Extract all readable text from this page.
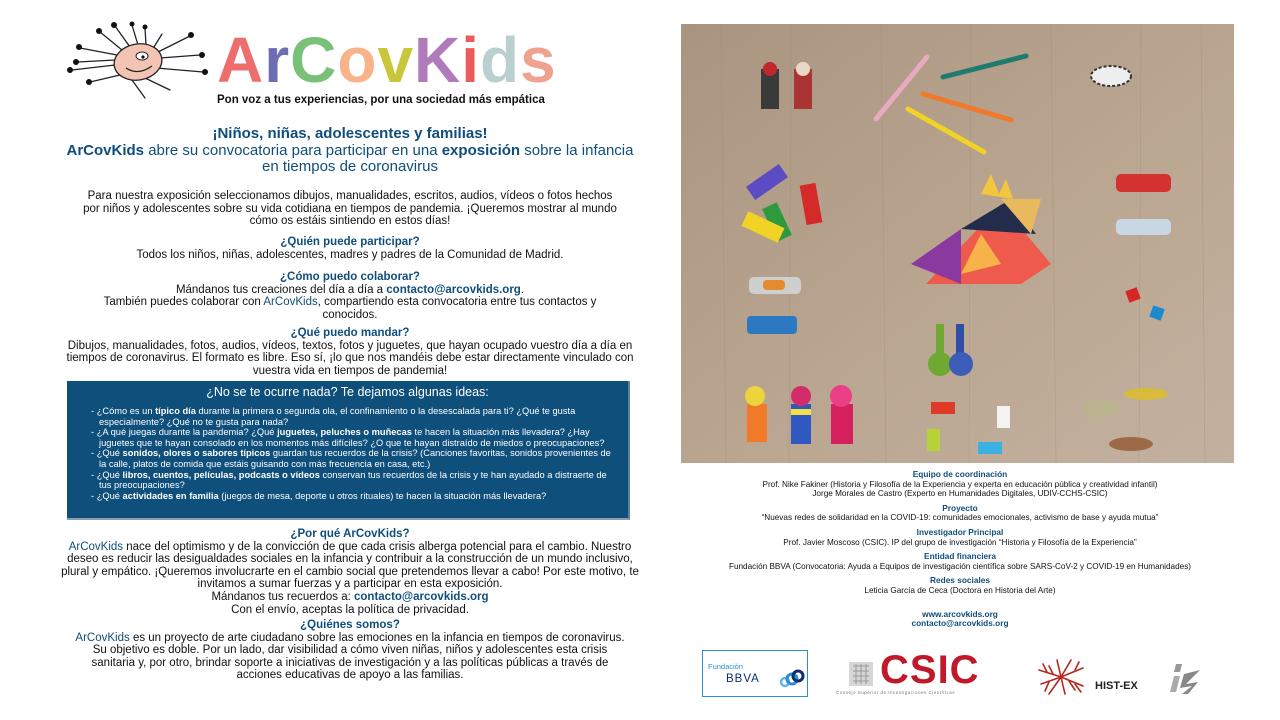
ArCovKids
Pon voz a tus experiencias, por una sociedad más empática
¡Niños, niñas, adolescentes y familias!
ArCovKids abre su convocatoria para participar en una exposición sobre la infancia en tiempos de coronavirus

Para nuestra exposición seleccionamos dibujos, manualidades, escritos, audios, vídeos o fotos hechos por niños y adolescentes sobre su vida cotidiana en tiempos de pandemia. ¡Queremos mostrar al mundo cómo os estáis sintiendo en estos días!

¿Quién puede participar?

Todos los niños, niñas, adolescentes, madres y padres de la Comunidad de Madrid.

¿Cómo puedo colaborar?

Mándanos tus creaciones del día a día a contacto@arcovkids.org.

También puedes colaborar con ArCovKids, compartiendo esta convocatoria entre tus contactos y conocidos.

¿Qué puedo mandar?

Dibujos, manualidades, fotos, audios, vídeos, textos, fotos y juguetes, que hayan ocupado vuestro día a día en tiempos de coronavirus. El formato es libre. Eso sí, ¡lo que nos mandéis debe estar directamente vinculado con vuestra vida en tiempos de pandemia!

¿No se te ocurre nada? Te dejamos algunas ideas:
- ¿Cómo es un típico día durante la primera o segunda ola, el confinamiento o la desescalada para ti? ¿Qué te gusta especialmente? ¿Qué no te gusta para nada?
- ¿A qué juegas durante la pandemia? ¿Qué juguetes, peluches o muñecas te hacen la situación más llevadera? ¿Hay juguetes que te hayan consolado en los momentos más difíciles? ¿O que te hayan distraído de miedos o preocupaciones?
- ¿Qué sonidos, olores o sabores típicos guardan tus recuerdos de la crisis? (Canciones favoritas, sonidos provenientes de la calle, platos de comida que estáis guisando con más frecuencia en casa, etc.)
- ¿Qué libros, cuentos, películas, podcasts o vídeos conservan tus recuerdos de la crisis y te han ayudado a distraerte de tus preocupaciones?
- ¿Qué actividades en familia (juegos de mesa, deporte u otros rituales) te hacen la situación más llevadera?
¿Por qué ArCovKids?

ArCovKids nace del optimismo y de la convicción de que cada crisis alberga potencial para el cambio. Nuestro deseo es reducir las desigualdades sociales en la infancia y contribuir a la construcción de un mundo inclusivo, plural y empático. ¡Queremos involucrarte en el cambio social que pretendemos llevar a cabo! Por este motivo, te invitamos a sumar fuerzas y a participar en esta exposición.

Mándanos tus recuerdos a: contacto@arcovkids.org

Con el envío, aceptas la política de privacidad.

¿Quiénes somos?

ArCovKids es un proyecto de arte ciudadano sobre las emociones en la infancia en tiempos de coronavirus. Su objetivo es doble. Por un lado, dar visibilidad a cómo viven niñas, niños y adolescentes esta crisis sanitaria y, por otro, brindar soporte a iniciativas de investigación y a las políticas públicas a través de acciones educativas de apoyo a las familias.

Equipo de coordinación
Prof. Nike Fakiner (Historia y Filosofía de la Experiencia y experta en educación pública y creatividad infantil)
Jorge Morales de Castro (Experto en Humanidades Digitales, UDIV-CCHS-CSIC)
Proyecto
“Nuevas redes de solidaridad en la COVID-19: comunidades emocionales, activismo de base y ayuda mutua”
Investigador Principal
Prof. Javier Moscoso (CSIC). IP del grupo de investigación “Historia y Filosofía de la Experiencia”
Entidad financiera
Fundación BBVA (Convocatoria: Ayuda a Equipos de investigación científica sobre SARS-CoV-2 y COVID-19 en Humanidades)
Redes sociales
Leticia García de Ceca (Doctora en Historia del Arte)
www.arcovkids.org
contacto@arcovkids.org
Fundación
BBVA	CSIC
Consejo Superior de Investigaciones Científicas
HIST-EX
